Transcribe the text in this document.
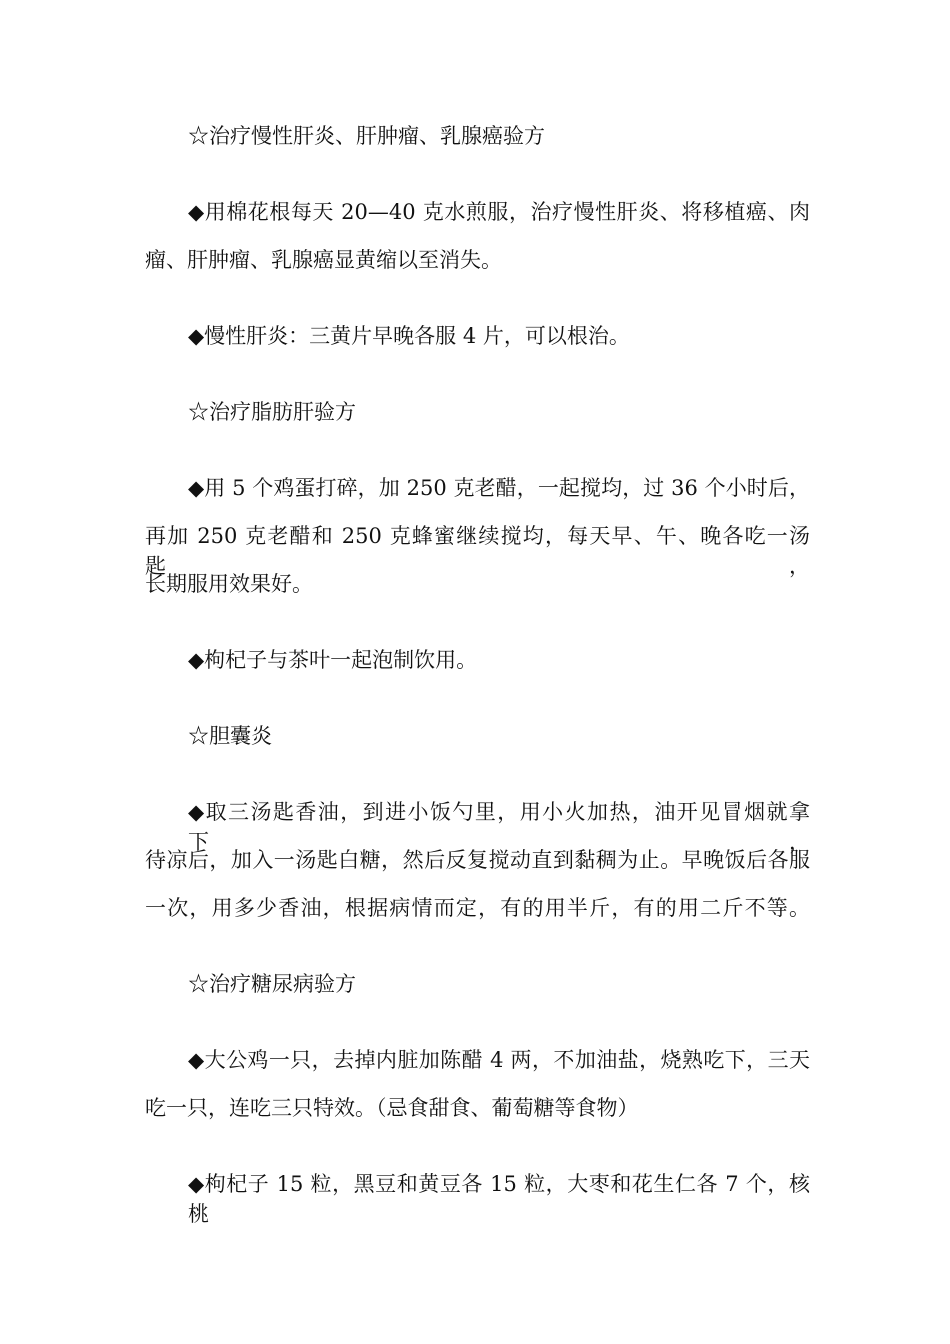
☆治疗慢性肝炎、肝肿瘤、乳腺癌验方
◆用棉花根每天 20—40 克水煎服，治疗慢性肝炎、将移植癌、肉
瘤、肝肿瘤、乳腺癌显黄缩以至消失。
◆慢性肝炎：三黄片早晚各服 4 片，可以根治。
☆治疗脂肪肝验方
◆用 5 个鸡蛋打碎，加 250 克老醋，一起搅均，过 36 个小时后，
再加 250 克老醋和 250 克蜂蜜继续搅均，每天早、午、晚各吃一汤匙，
长期服用效果好。
◆枸杞子与茶叶一起泡制饮用。
☆胆囊炎
◆取三汤匙香油，到进小饭勺里，用小火加热，油开见冒烟就拿下，
待凉后，加入一汤匙白糖，然后反复搅动直到黏稠为止。早晚饭后各服
一次，用多少香油，根据病情而定，有的用半斤，有的用二斤不等。
☆治疗糖尿病验方
◆大公鸡一只，去掉内脏加陈醋 4 两，不加油盐，烧熟吃下，三天
吃一只，连吃三只特效。（忌食甜食、葡萄糖等食物）
◆枸杞子 15 粒，黑豆和黄豆各 15 粒，大枣和花生仁各 7 个，核桃
